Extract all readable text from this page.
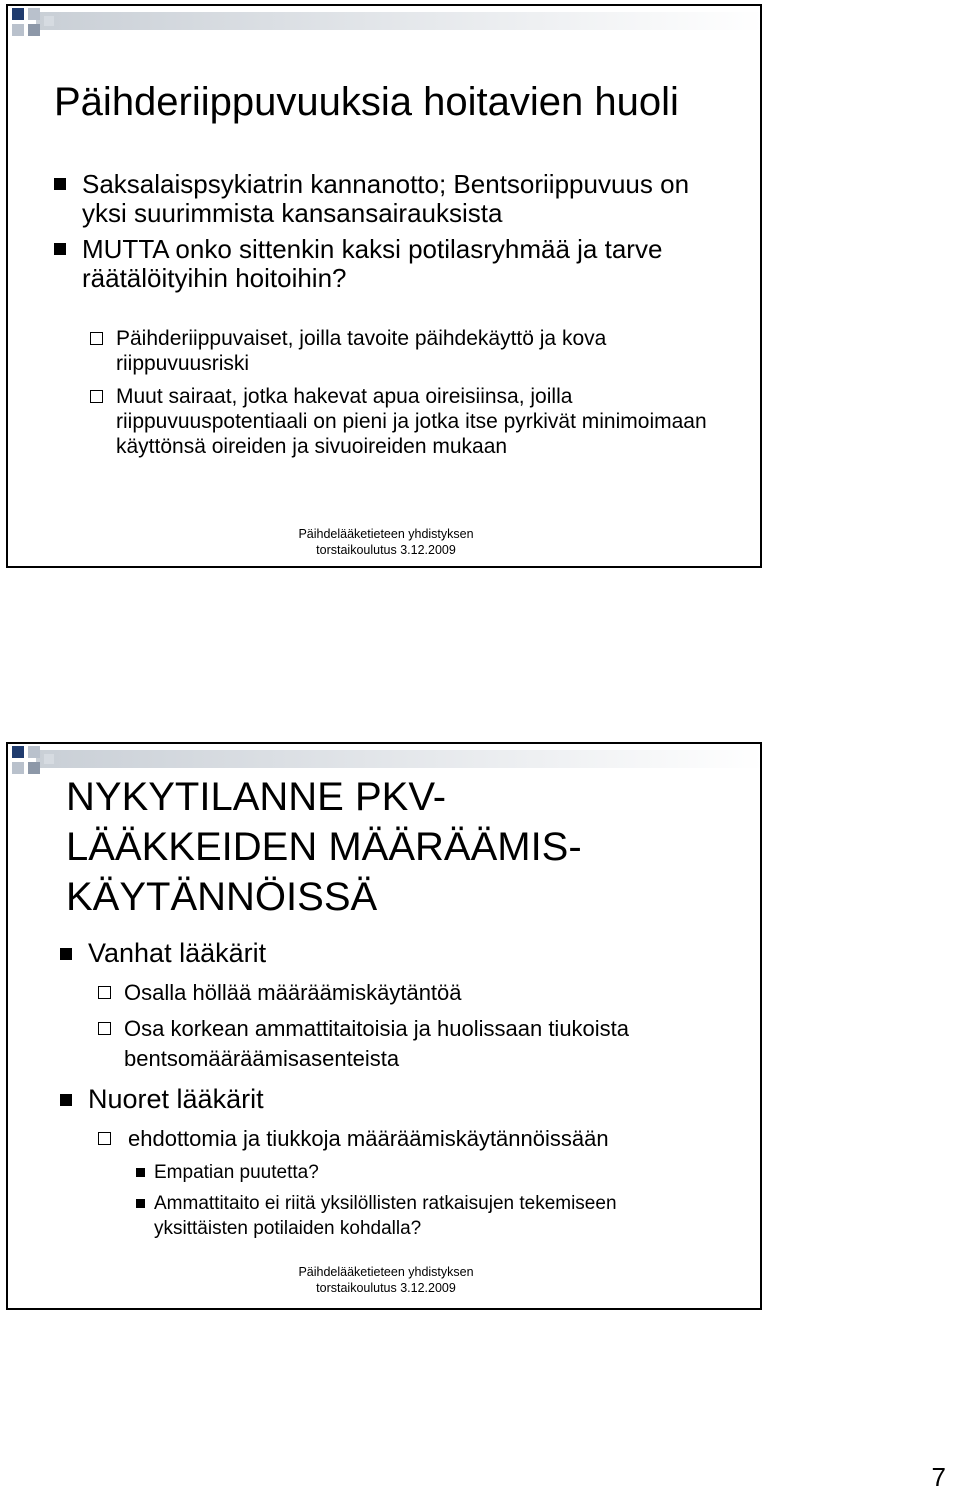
Päihderiippuvuuksia hoitavien huoli
Saksalaispsykiatrin kannanotto; Bentsoriippuvuus on yksi suurimmista kansansairauksista
MUTTA onko sittenkin kaksi potilasryhmää ja tarve räätälöityihin hoitoihin?
Päihderiippuvaiset, joilla tavoite päihdekäyttö ja kova riippuvuusriski
Muut sairaat, jotka hakevat apua oireisiinsa, joilla riippuvuuspotentiaali on pieni ja jotka itse pyrkivät minimoimaan käyttönsä oireiden ja sivuoireiden mukaan
Päihdelääketieteen yhdistyksen
torstaikoulutus 3.12.2009
NYKYTILANNE PKV-
LÄÄKKEIDEN MÄÄRÄÄMIS-
KÄYTÄNNÖISSÄ
Vanhat lääkärit
Osalla höllää määräämiskäytäntöä
Osa korkean ammattitaitoisia ja huolissaan tiukoista bentsomääräämisasenteista
Nuoret lääkärit
ehdottomia ja tiukkoja määräämiskäytännöissään
Empatian puutetta?
Ammattitaito ei riitä yksilöllisten ratkaisujen tekemiseen yksittäisten potilaiden kohdalla?
Päihdelääketieteen yhdistyksen
torstaikoulutus 3.12.2009
7
